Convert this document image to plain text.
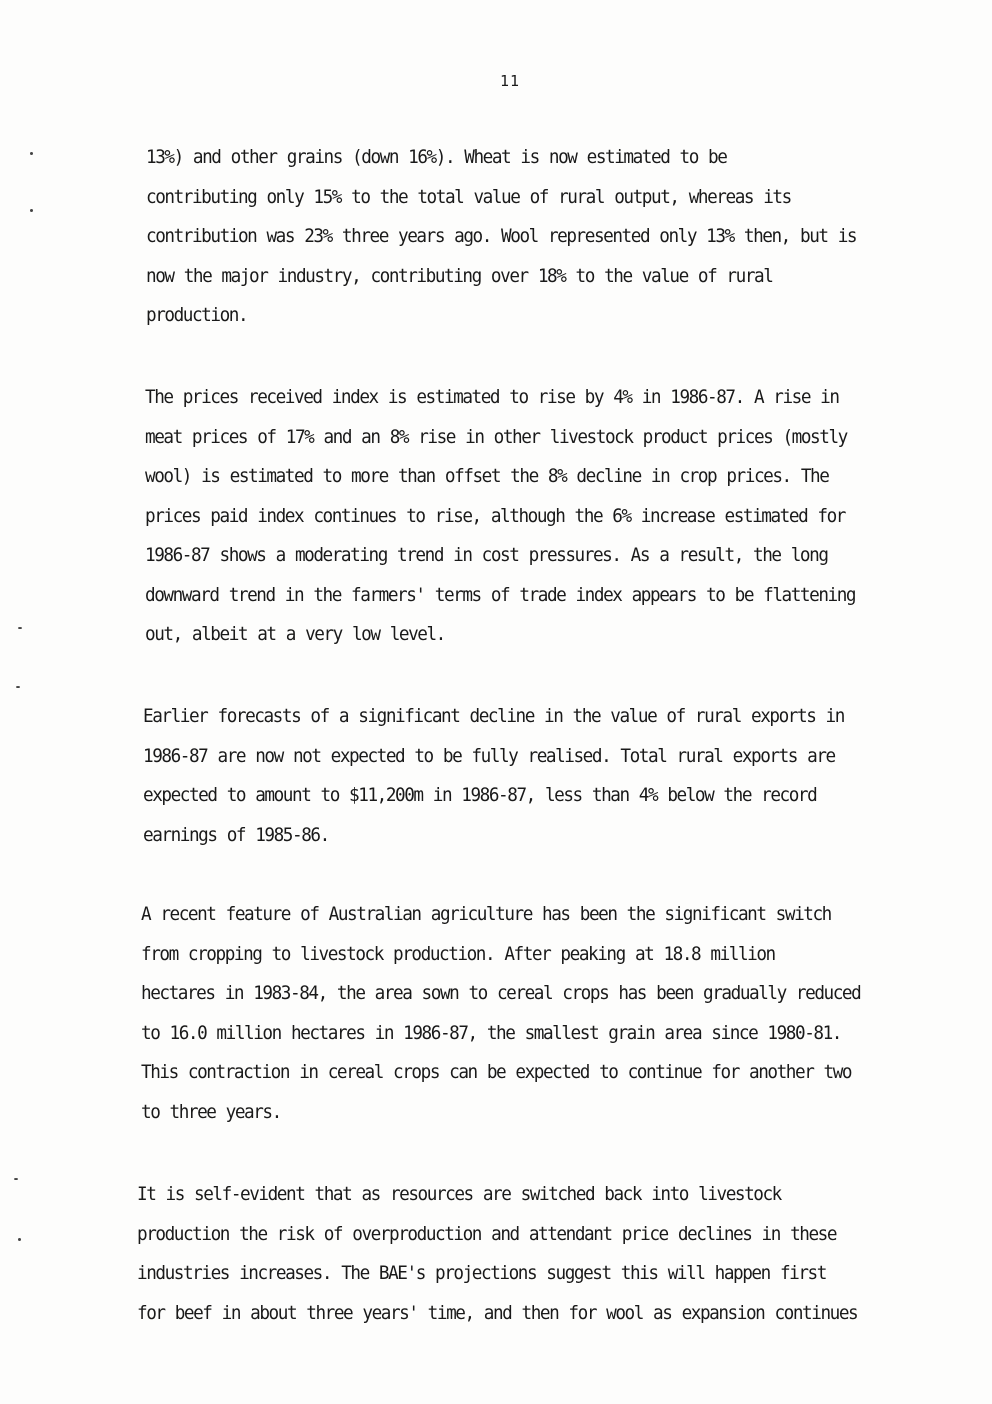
11
13%) and other grains (down 16%). Wheat is now estimated to be
contributing only 15% to the total value of rural output, whereas its
contribution was 23% three years ago. Wool represented only 13% then, but is
now the major industry, contributing over 18% to the value of rural
production.
The prices received index is estimated to rise by 4% in 1986-87. A rise in
meat prices of 17% and an 8% rise in other livestock product prices (mostly
wool) is estimated to more than offset the 8% decline in crop prices. The
prices paid index continues to rise, although the 6% increase estimated for
1986-87 shows a moderating trend in cost pressures. As a result, the long
downward trend in the farmers' terms of trade index appears to be flattening
out, albeit at a very low level.
Earlier forecasts of a significant decline in the value of rural exports in
1986-87 are now not expected to be fully realised. Total rural exports are
expected to amount to $11,200m in 1986-87, less than 4% below the record
earnings of 1985-86.
A recent feature of Australian agriculture has been the significant switch
from cropping to livestock production. After peaking at 18.8 million
hectares in 1983-84, the area sown to cereal crops has been gradually reduced
to 16.0 million hectares in 1986-87, the smallest grain area since 1980-81.
This contraction in cereal crops can be expected to continue for another two
to three years.
It is self-evident that as resources are switched back into livestock
production the risk of overproduction and attendant price declines in these
industries increases. The BAE's projections suggest this will happen first
for beef in about three years' time, and then for wool as expansion continues
